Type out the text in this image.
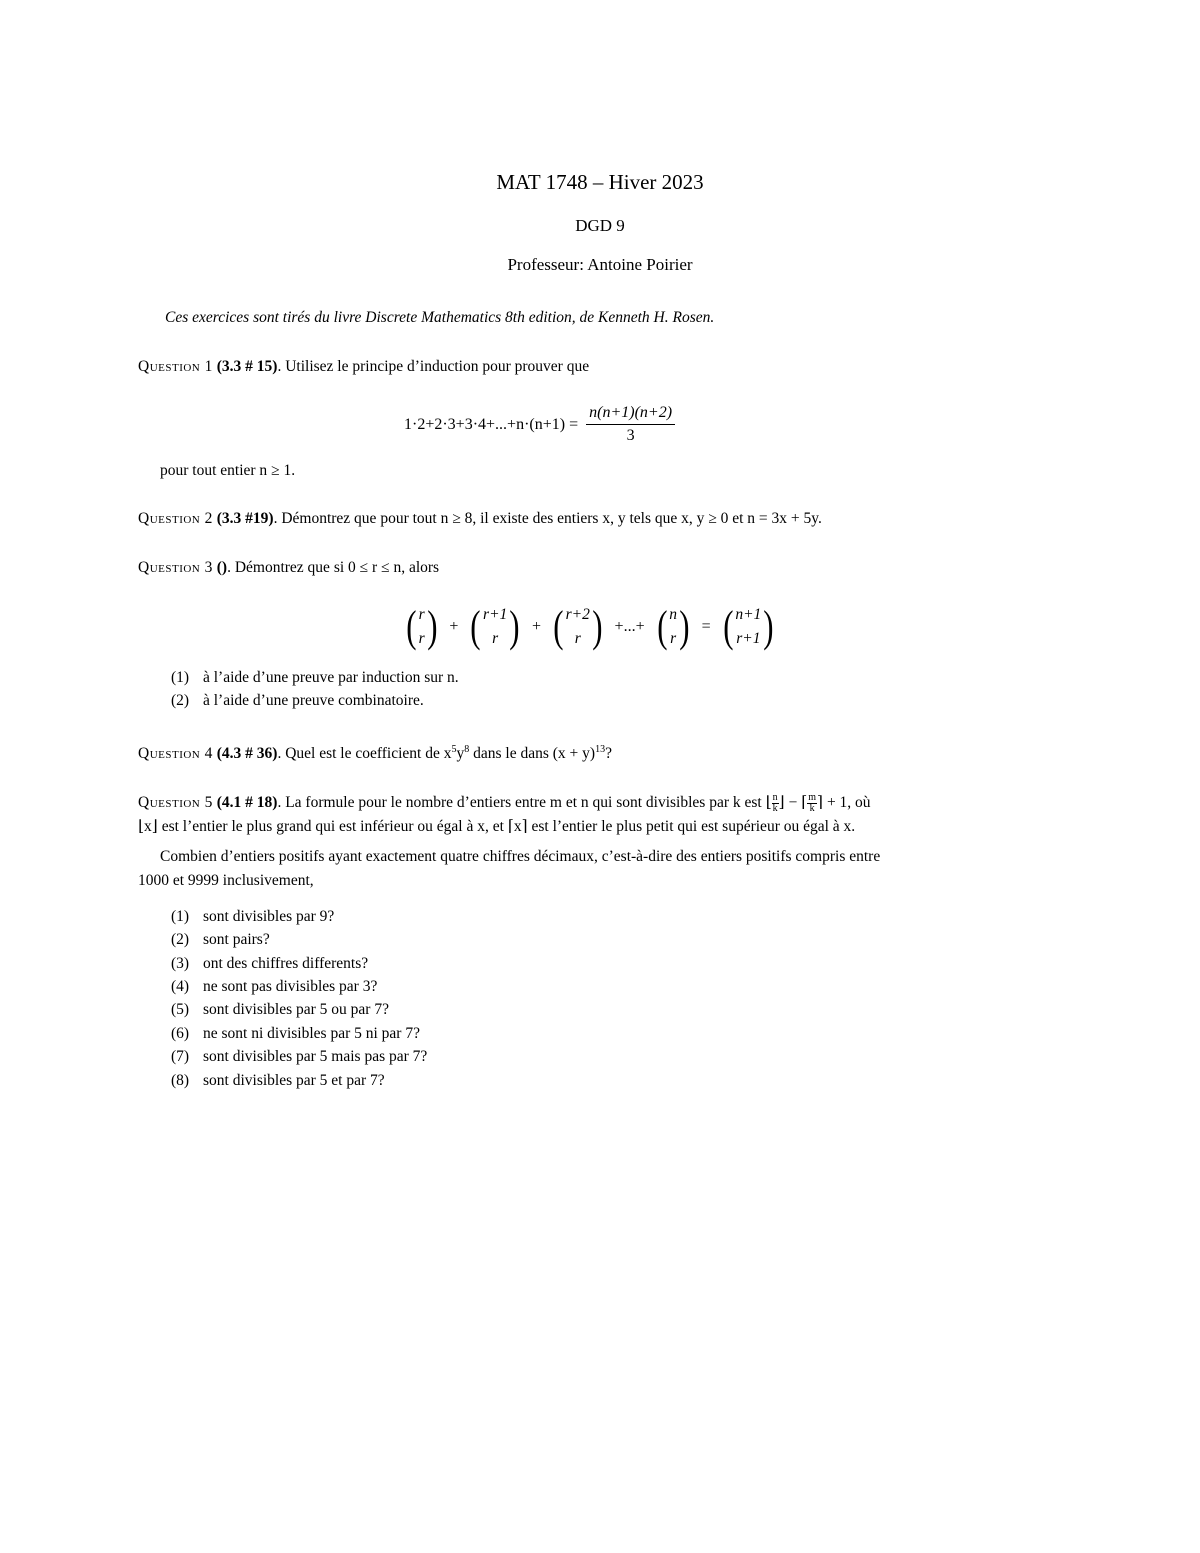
MAT 1748 – Hiver 2023
DGD 9
Professeur: Antoine Poirier
Ces exercices sont tirés du livre Discrete Mathematics 8th edition, de Kenneth H. Rosen.
Question 1 (3.3 # 15). Utilisez le principe d’induction pour prouver que
$1\cdot 2+2\cdot 3+3\cdot 4+...+n\cdot(n+1) = \frac{n(n+1)(n+2)}{3}$
pour tout entier n ≥ 1.
Question 2 (3.3 #19). Démontrez que pour tout n ≥ 8, il existe des entiers x, y tels que x, y ≥ 0 et n = 3x + 5y.
Question 3 (). Démontrez que si 0 ≤ r ≤ n, alors
( r
r ) + ( r+1
r ) + ( r+2
r ) +...+ ( n
r ) = ( n+1
r+1 )
(1) à l’aide d’une preuve par induction sur n.
(2) à l’aide d’une preuve combinatoire.
Question 4 (4.3 # 36). Quel est le coefficient de $x^5y^8$ dans le dans $(x + y)^{13}$?
Question 5 (4.1 # 18). La formule pour le nombre d’entiers entre m et n qui sont divisibles par k est ⌊ $\frac{n}{k}$ ⌋ − ⌈ $\frac{m}{k}$ ⌉ + 1, où
⌊x⌋ est l’entier le plus grand qui est inférieur ou égal à x, et ⌈x⌉ est l’entier le plus petit qui est supérieur ou égal à x.
Combien d’entiers positifs ayant exactement quatre chiffres décimaux, c’est-à-dire des entiers positifs compris entre
1000 et 9999 inclusivement,
(1) sont divisibles par 9?
(2) sont pairs?
(3) ont des chiffres differents?
(4) ne sont pas divisibles par 3?
(5) sont divisibles par 5 ou par 7?
(6) ne sont ni divisibles par 5 ni par 7?
(7) sont divisibles par 5 mais pas par 7?
(8) sont divisibles par 5 et par 7?
